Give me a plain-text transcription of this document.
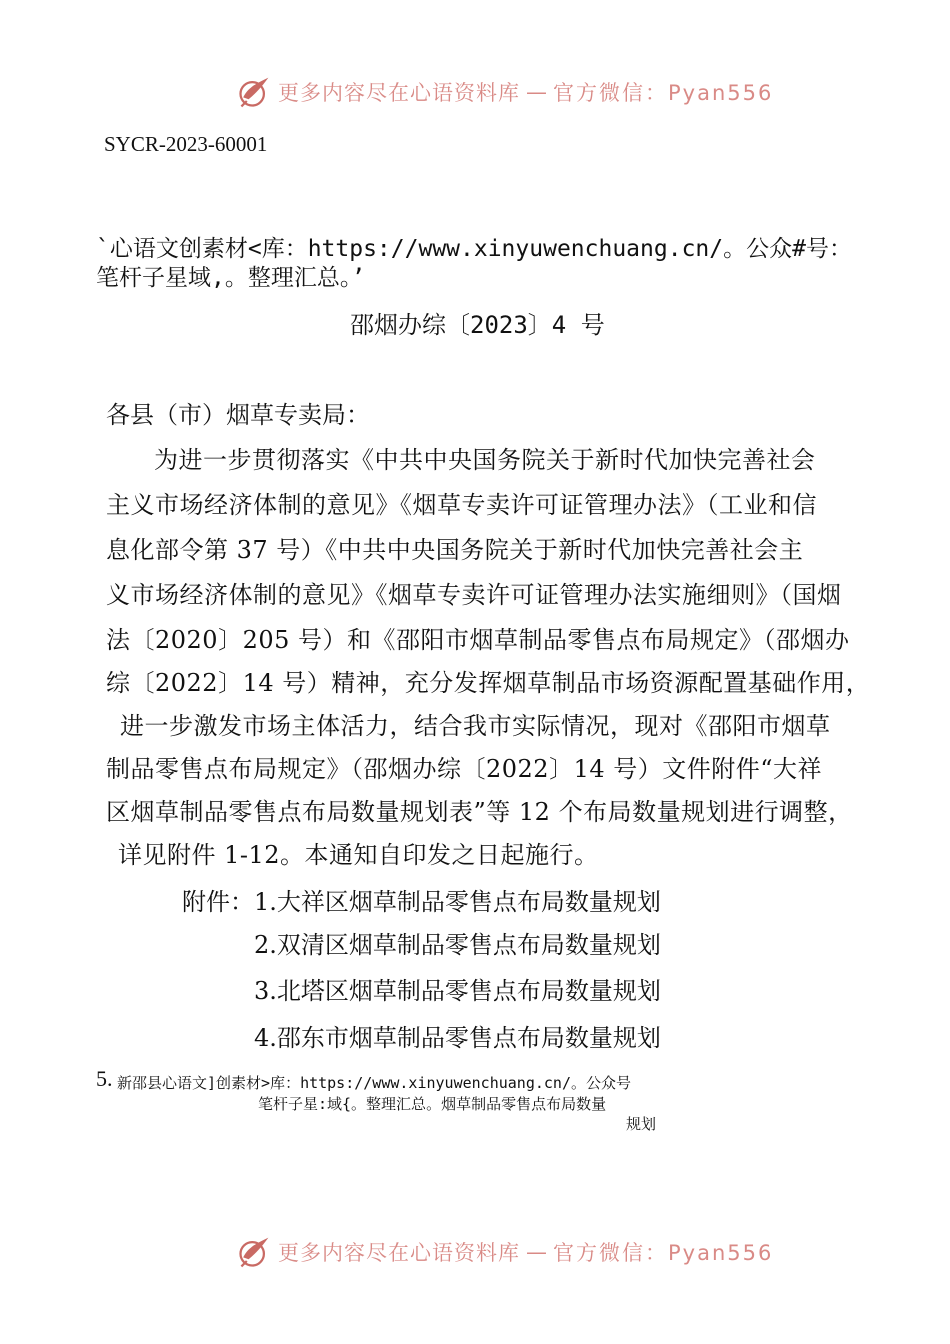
更多内容尽在心语资料库 — 官方微信：Pyan556
SYCR-2023-60001
`心语文创素材<库：https://www.xinyuwenchuang.cn/。公众#号：
笔杆子星域,。整理汇总。’
邵烟办综〔2023〕4 号
各县（市）烟草专卖局：
为进一步贯彻落实《中共中央国务院关于新时代加快完善社会
主义市场经济体制的意见》《烟草专卖许可证管理办法》（工业和信
息化部令第 37 号）《中共中央国务院关于新时代加快完善社会主
义市场经济体制的意见》《烟草专卖许可证管理办法实施细则》（国烟
法〔2020〕205 号）和《邵阳市烟草制品零售点布局规定》（邵烟办
综〔2022〕14 号）精神，充分发挥烟草制品市场资源配置基础作用，
进一步激发市场主体活力，结合我市实际情况，现对《邵阳市烟草
制品零售点布局规定》（邵烟办综〔2022〕14 号）文件附件“大祥
区烟草制品零售点布局数量规划表”等 12 个布局数量规划进行调整，
详见附件 1-12。本通知自印发之日起施行。
附件： 1.大祥区烟草制品零售点布局数量规划
2.双清区烟草制品零售点布局数量规划
3.北塔区烟草制品零售点布局数量规划
4.邵东市烟草制品零售点布局数量规划
5. 新邵县心语文]创素材>库：https://www.xinyuwenchuang.cn/。公众号
笔杆子星:域{。整理汇总。烟草制品零售点布局数量
规划
更多内容尽在心语资料库 — 官方微信：Pyan556
